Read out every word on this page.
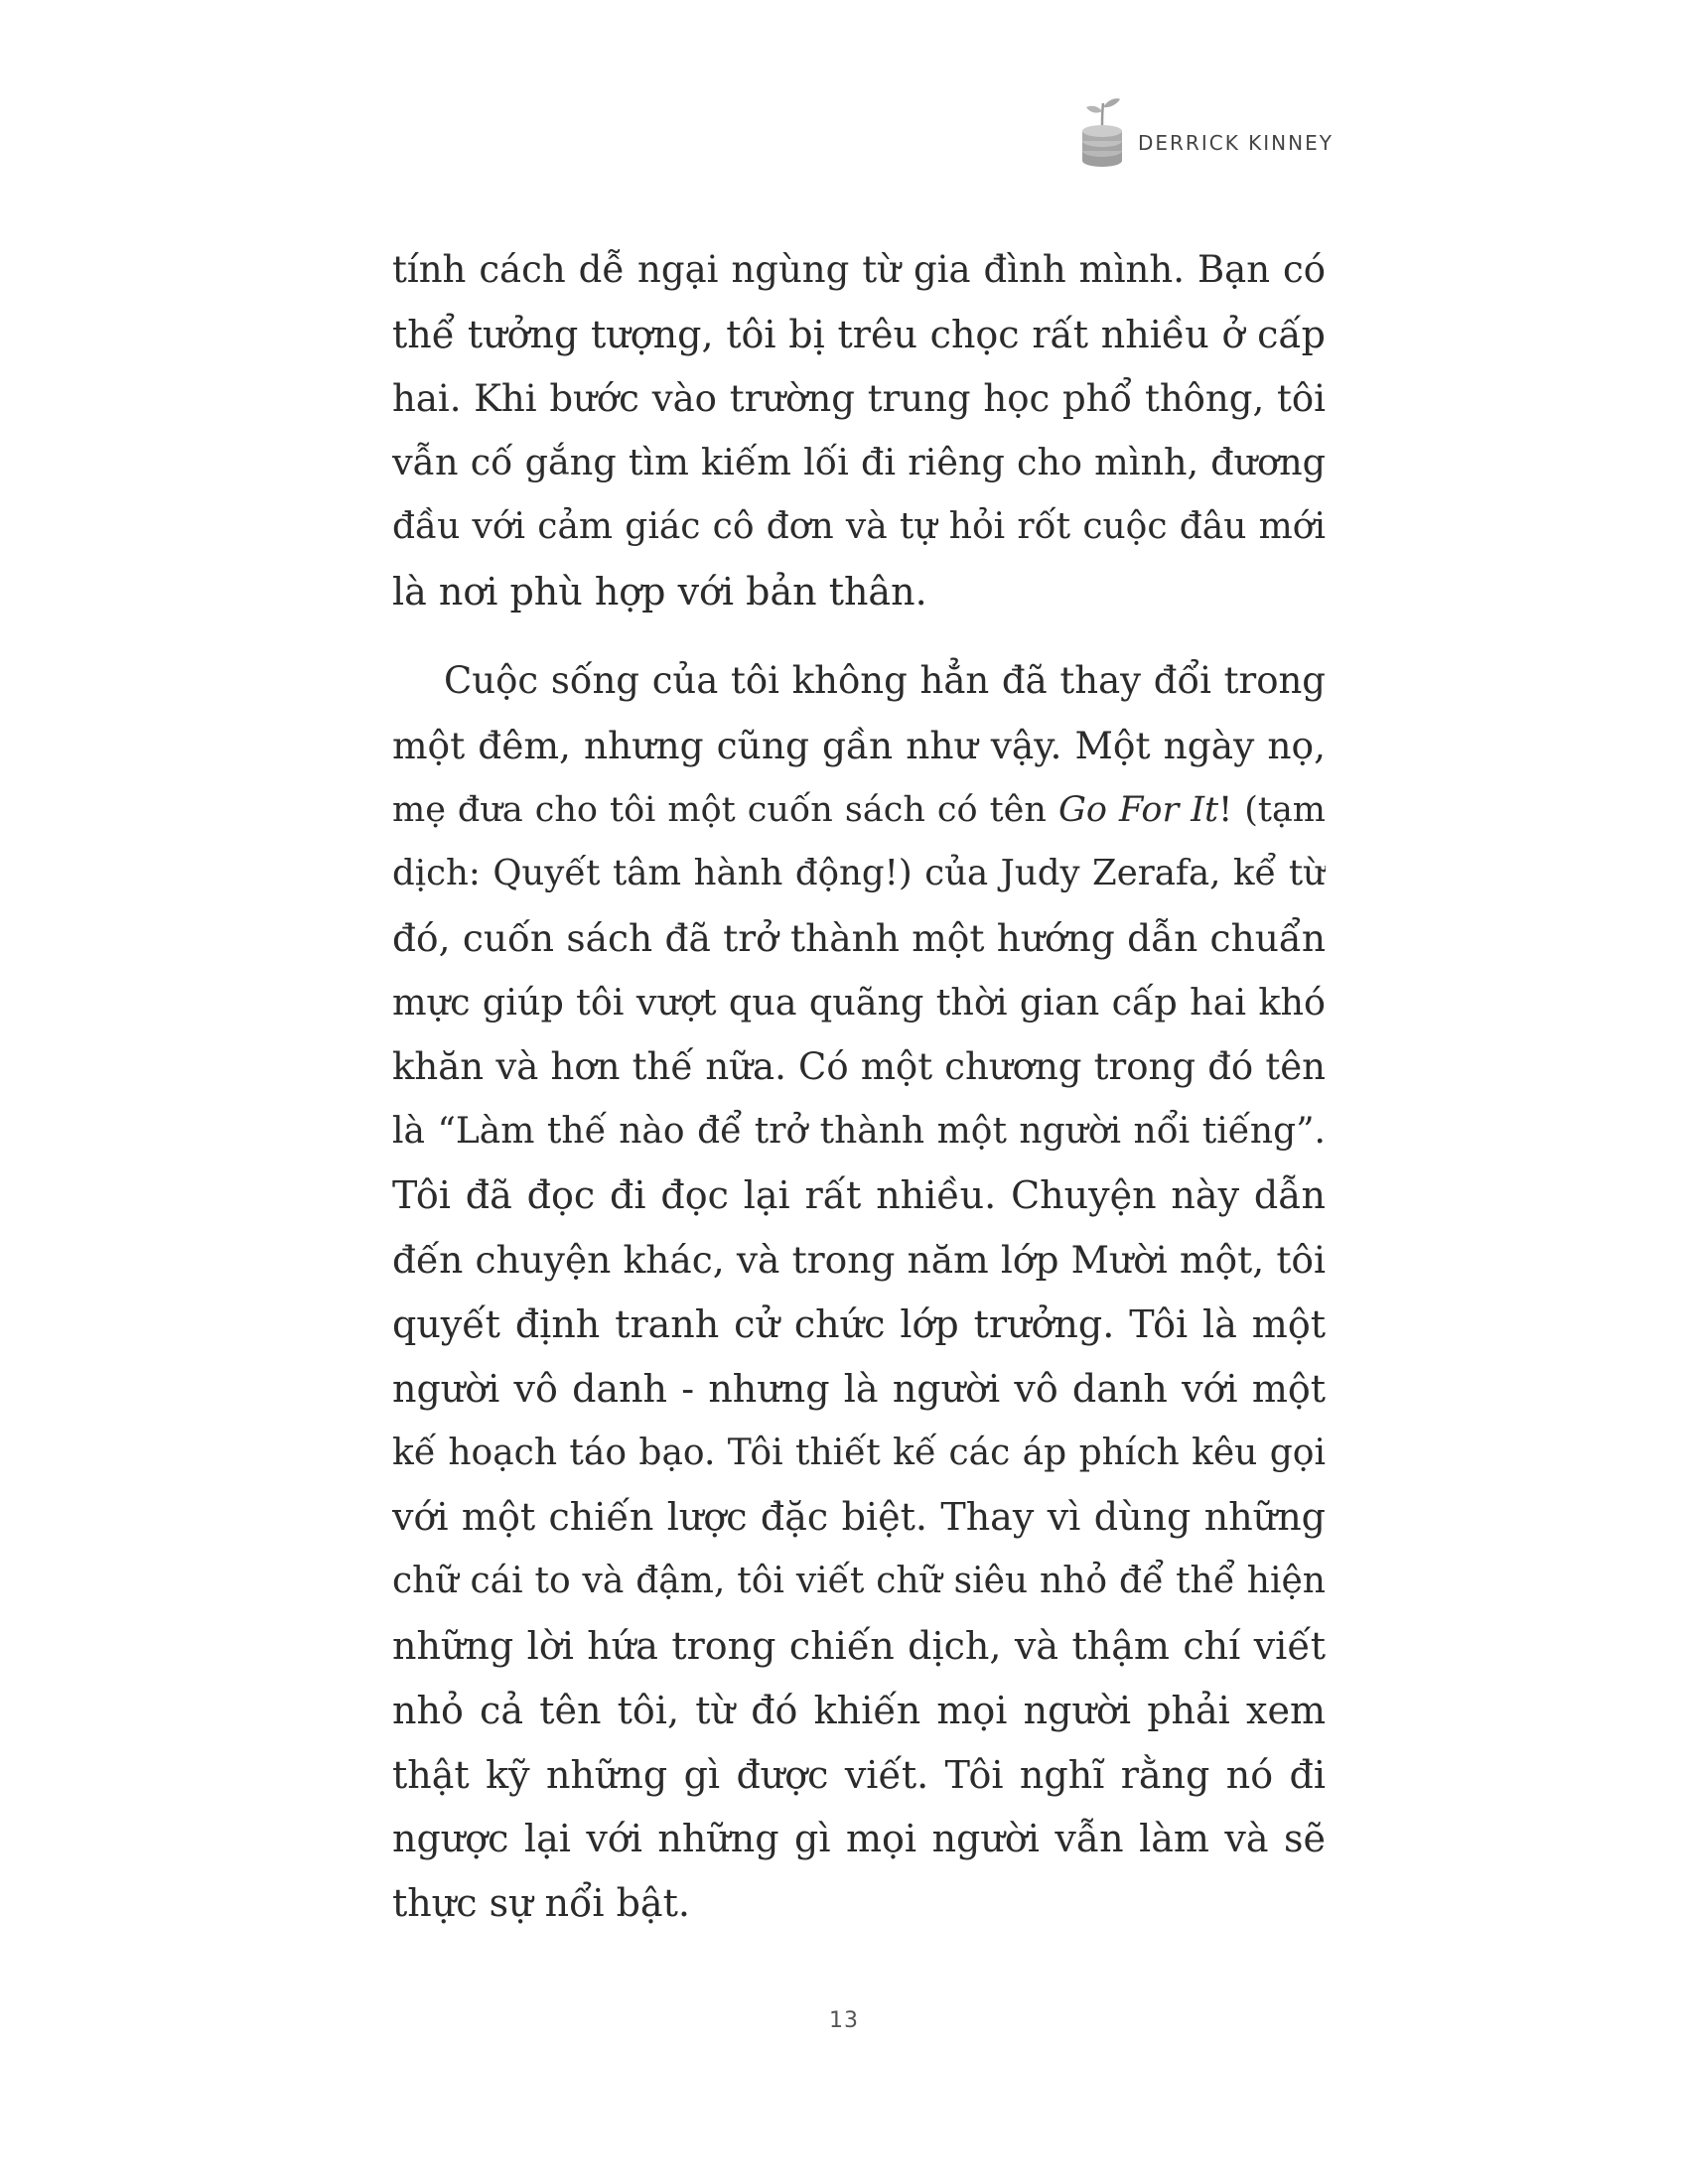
DERRICK KINNEY

tính cách dễ ngại ngùng từ gia đình mình. Bạn có
thể tưởng tượng, tôi bị trêu chọc rất nhiều ở cấp
hai. Khi bước vào trường trung học phổ thông, tôi
vẫn cố gắng tìm kiếm lối đi riêng cho mình, đương
đầu với cảm giác cô đơn và tự hỏi rốt cuộc đâu mới
là nơi phù hợp với bản thân.

Cuộc sống của tôi không hẳn đã thay đổi trong
một đêm, nhưng cũng gần như vậy. Một ngày nọ,
mẹ đưa cho tôi một cuốn sách có tên Go For It! (tạm
dịch: Quyết tâm hành động!) của Judy Zerafa, kể từ
đó, cuốn sách đã trở thành một hướng dẫn chuẩn
mực giúp tôi vượt qua quãng thời gian cấp hai khó
khăn và hơn thế nữa. Có một chương trong đó tên
là “Làm thế nào để trở thành một người nổi tiếng”.
Tôi đã đọc đi đọc lại rất nhiều. Chuyện này dẫn
đến chuyện khác, và trong năm lớp Mười một, tôi
quyết định tranh cử chức lớp trưởng. Tôi là một
người vô danh - nhưng là người vô danh với một
kế hoạch táo bạo. Tôi thiết kế các áp phích kêu gọi
với một chiến lược đặc biệt. Thay vì dùng những
chữ cái to và đậm, tôi viết chữ siêu nhỏ để thể hiện
những lời hứa trong chiến dịch, và thậm chí viết
nhỏ cả tên tôi, từ đó khiến mọi người phải xem
thật kỹ những gì được viết. Tôi nghĩ rằng nó đi
ngược lại với những gì mọi người vẫn làm và sẽ
thực sự nổi bật.

13
